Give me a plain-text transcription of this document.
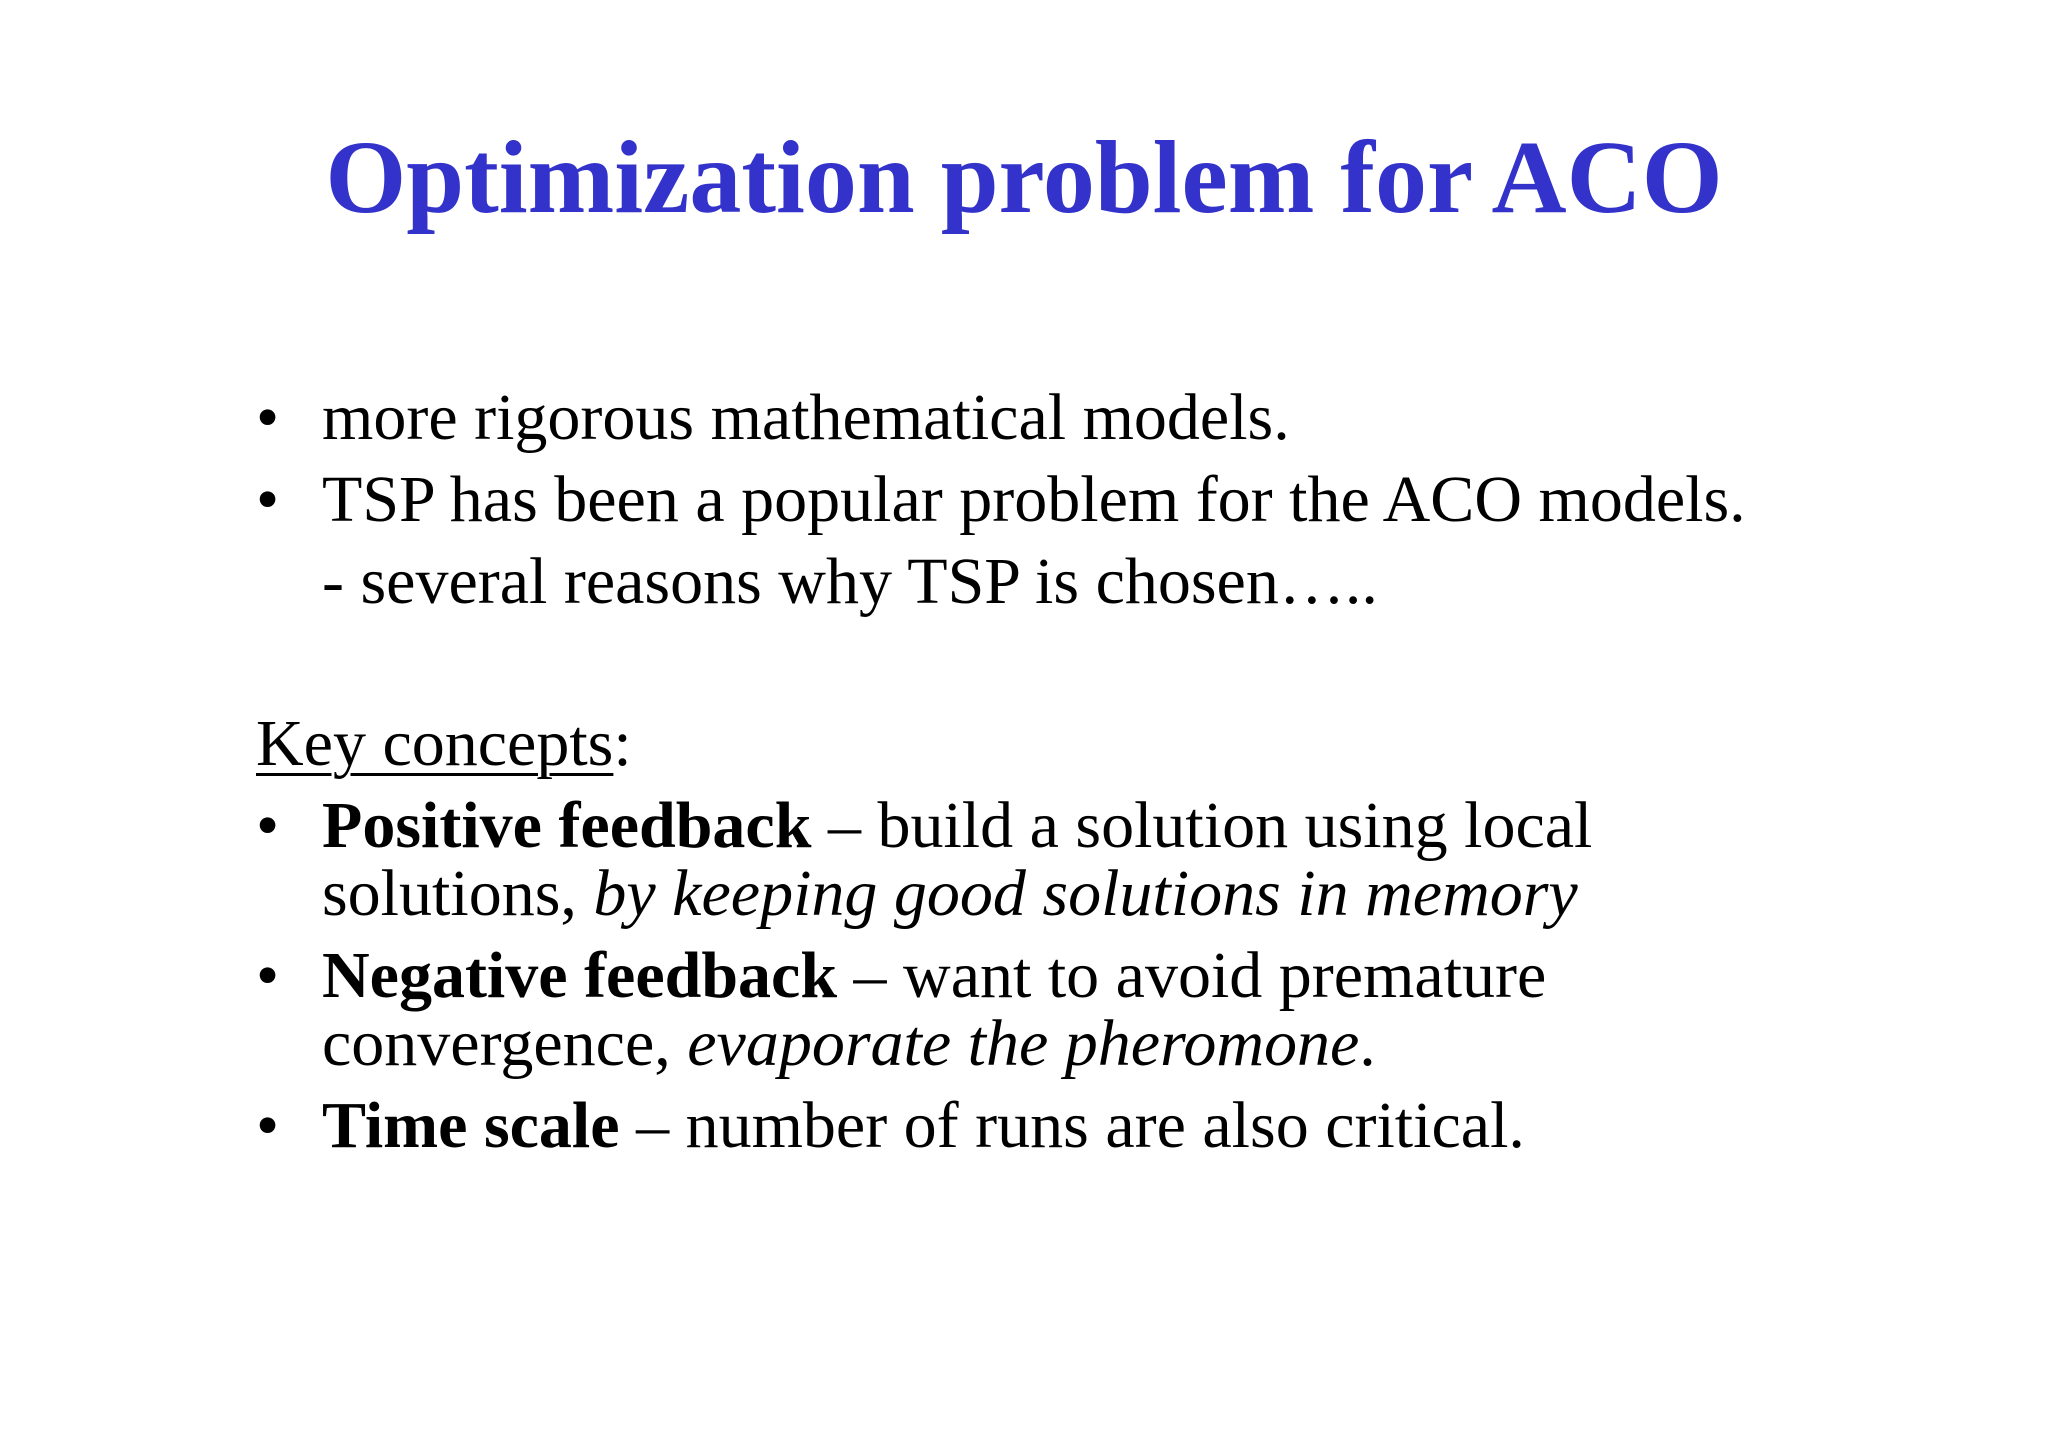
Optimization problem for ACO
• more rigorous mathematical models.
• TSP has been a popular problem for the ACO models.
- several reasons why TSP is chosen…..
Key concepts:
• Positive feedback – build a solution using local
solutions, by keeping good solutions in memory
• Negative feedback – want to avoid premature
convergence, evaporate the pheromone.
• Time scale – number of runs are also critical.
